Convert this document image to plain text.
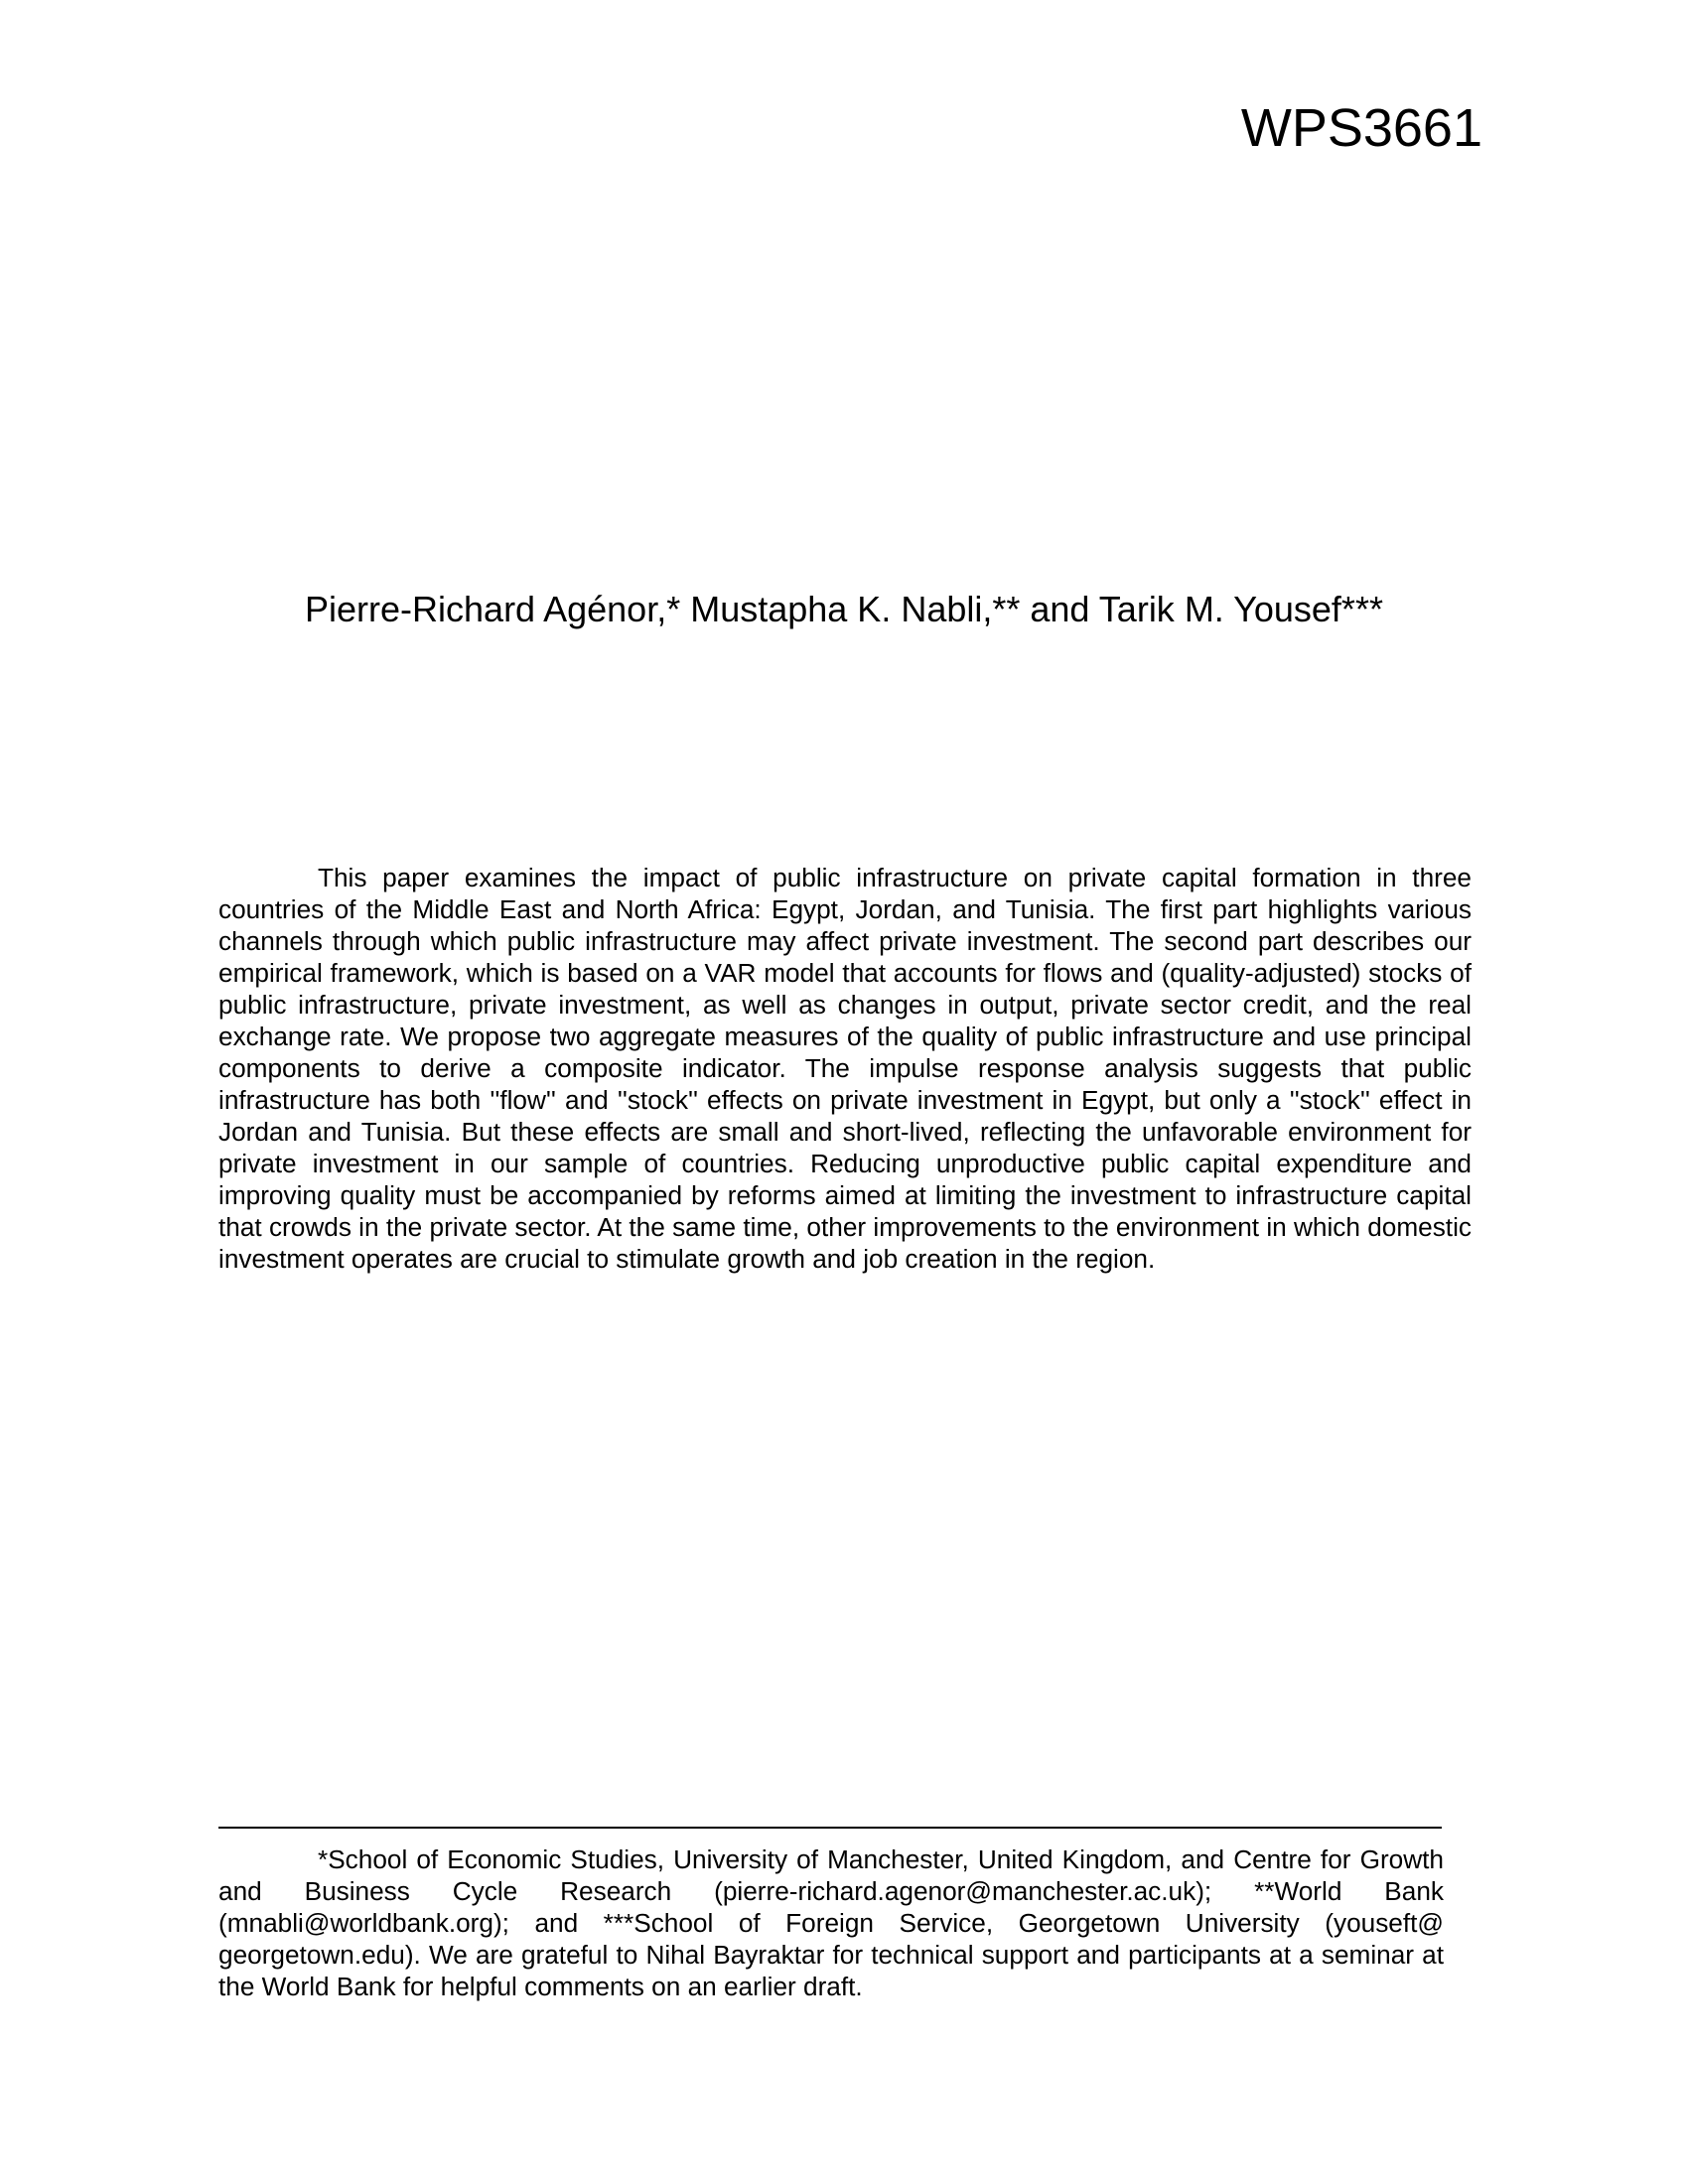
WPS3661
Pierre-Richard Agénor,* Mustapha K. Nabli,** and Tarik M. Yousef***

This paper examines the impact of public infrastructure on private capital formation in three countries of the Middle East and North Africa: Egypt, Jordan, and Tunisia. The first part highlights various channels through which public infrastructure may affect private investment. The second part describes our empirical framework, which is based on a VAR model that accounts for flows and (quality-adjusted) stocks of public infrastructure, private investment, as well as changes in output, private sector credit, and the real exchange rate. We propose two aggregate measures of the quality of public infrastructure and use principal components to derive a composite indicator. The impulse response analysis suggests that public infrastructure has both ''flow'' and ''stock'' effects on private investment in Egypt, but only a ''stock'' effect in Jordan and Tunisia. But these effects are small and short-lived, reflecting the unfavorable environment for private investment in our sample of countries. Reducing unproductive public capital expenditure and improving quality must be accompanied by reforms aimed at limiting the investment to infrastructure capital that crowds in the private sector. At the same time, other improvements to the environment in which domestic investment operates are crucial to stimulate growth and job creation in the region.

*School of Economic Studies, University of Manchester, United Kingdom, and Centre for Growth and Business Cycle Research (pierre-richard.agenor@manchester.ac.uk); **World Bank (mnabli@worldbank.org); and ***School of Foreign Service, Georgetown University (youseft@ georgetown.edu). We are grateful to Nihal Bayraktar for technical support and participants at a seminar at the World Bank for helpful comments on an earlier draft.
